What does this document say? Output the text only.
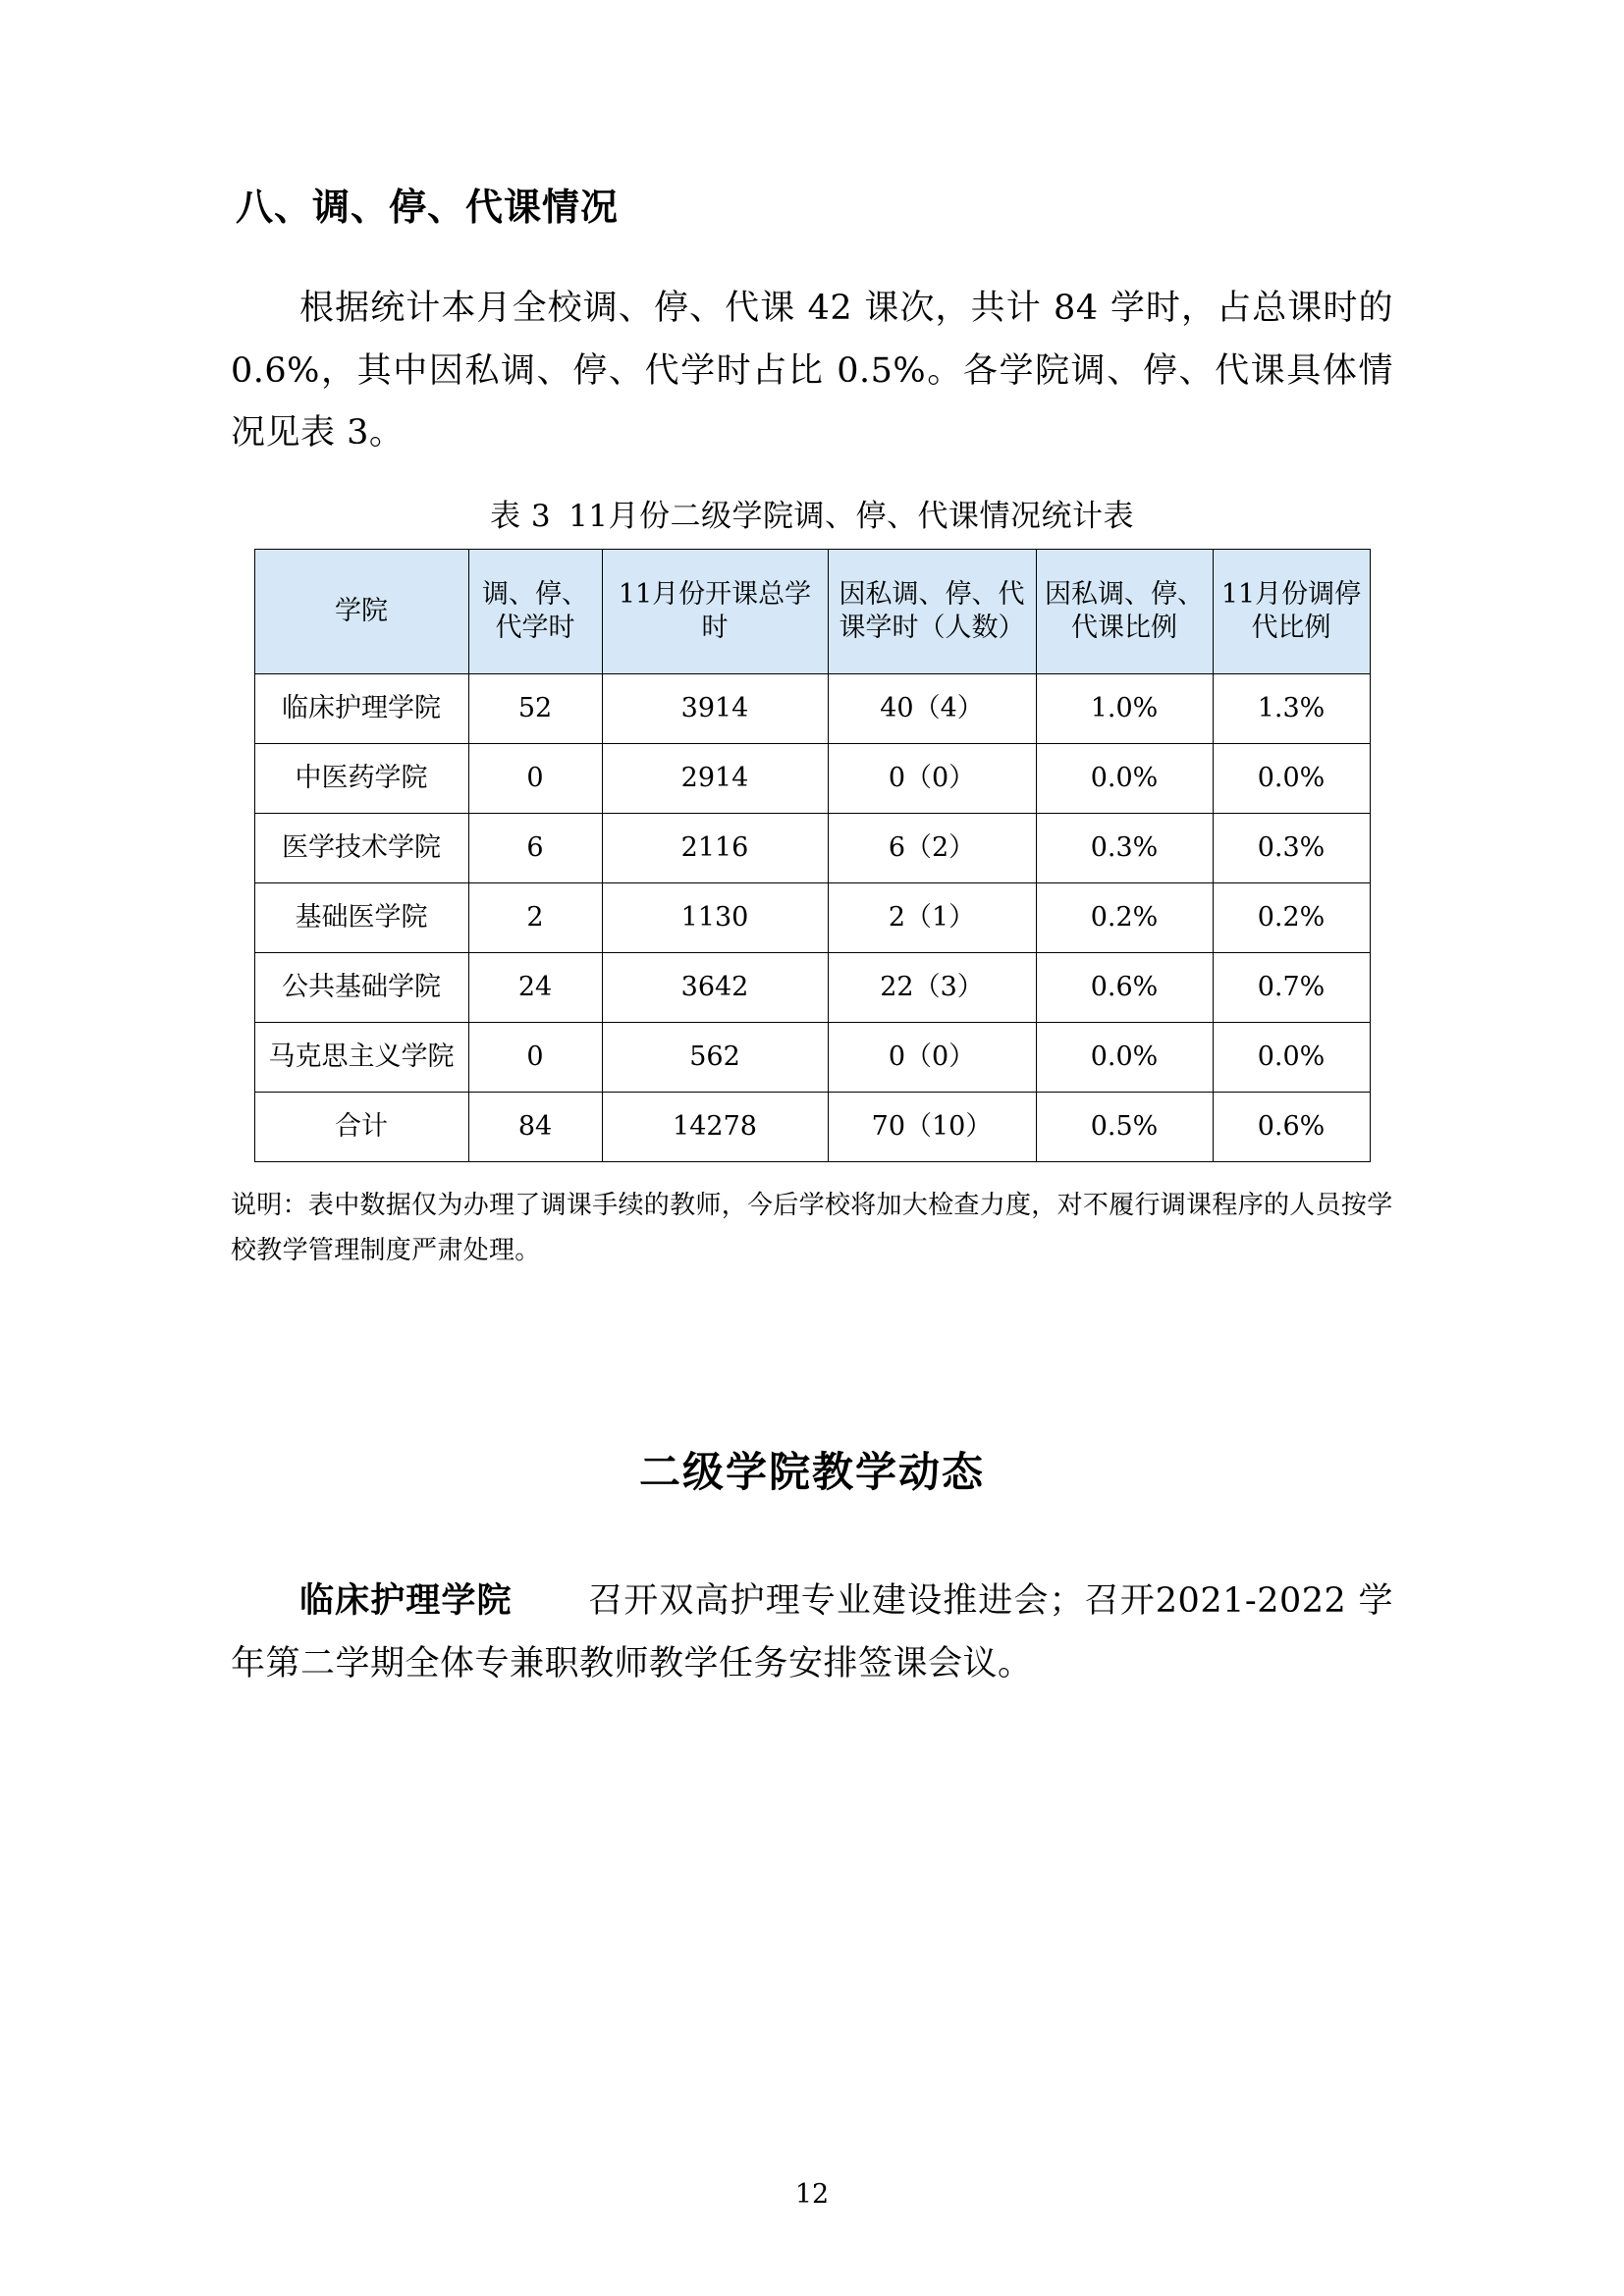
八、调、停、代课情况

根据统计本月全校调、停、代课 42 课次，共计 84 学时，占总课时的 0.6%，其中因私调、停、代学时占比 0.5%。各学院调、停、代课具体情况见表 3。

表 3 11月份二级学院调、停、代课情况统计表
学院	调、停、代学时	11月份开课总学时	因私调、停、代课学时（人数）	因私调、停、代课比例	11月份调停代比例
临床护理学院	52	3914	40（4）	1.0%	1.3%
中医药学院	0	2914	0（0）	0.0%	0.0%
医学技术学院	6	2116	6（2）	0.3%	0.3%
基础医学院	2	1130	2（1）	0.2%	0.2%
公共基础学院	24	3642	22（3）	0.6%	0.7%
马克思主义学院	0	562	0（0）	0.0%	0.0%
合计	84	14278	70（10）	0.5%	0.6%

说明：表中数据仅为办理了调课手续的教师，今后学校将加大检查力度，对不履行调课程序的人员按学校教学管理制度严肃处理。

二级学院教学动态

临床护理学院 召开双高护理专业建设推进会；召开2021-2022 学年第二学期全体专兼职教师教学任务安排签课会议。

12
